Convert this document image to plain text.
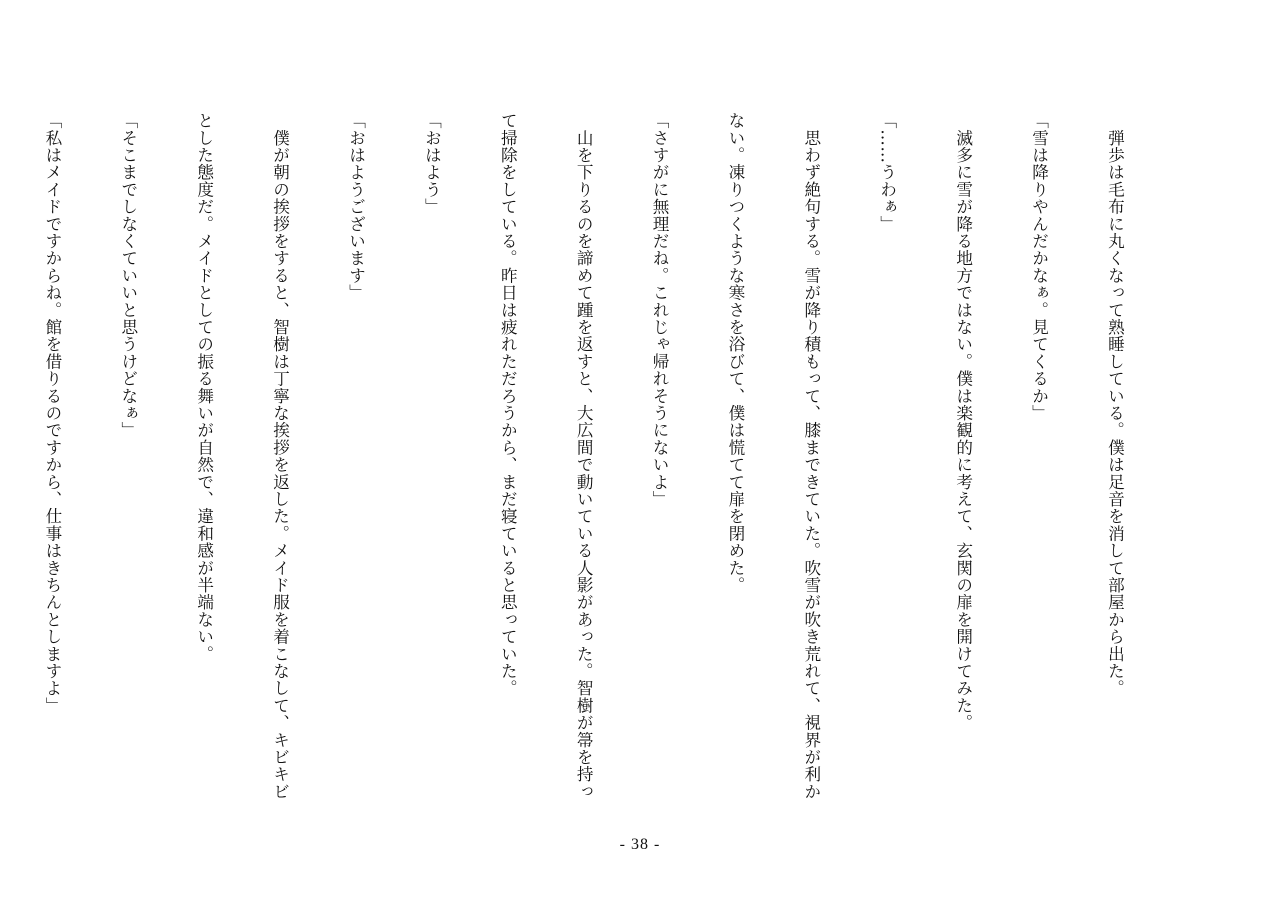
　弾歩は毛布に丸くなって熟睡している。僕は足音を消して部屋から出た。

「雪は降りやんだかなぁ。見てくるか」

　滅多に雪が降る地方ではない。僕は楽観的に考えて、玄関の扉を開けてみた。

「……うわぁ」

　思わず絶句する。雪が降り積もって、膝まできていた。吹雪が吹き荒れて、視界が利か

ない。凍りつくような寒さを浴びて、僕は慌てて扉を閉めた。

「さすがに無理だね。これじゃ帰れそうにないよ」

　山を下りるのを諦めて踵を返すと、大広間で動いている人影があった。智樹が箒を持っ

て掃除をしている。昨日は疲れただろうから、まだ寝ていると思っていた。

「おはよう」

「おはようございます」

　僕が朝の挨拶をすると、智樹は丁寧な挨拶を返した。メイド服を着こなして、キビキビ

とした態度だ。メイドとしての振る舞いが自然で、違和感が半端ない。

「そこまでしなくていいと思うけどなぁ」

「私はメイドですからね。館を借りるのですから、仕事はきちんとしますよ」

- 38 -
